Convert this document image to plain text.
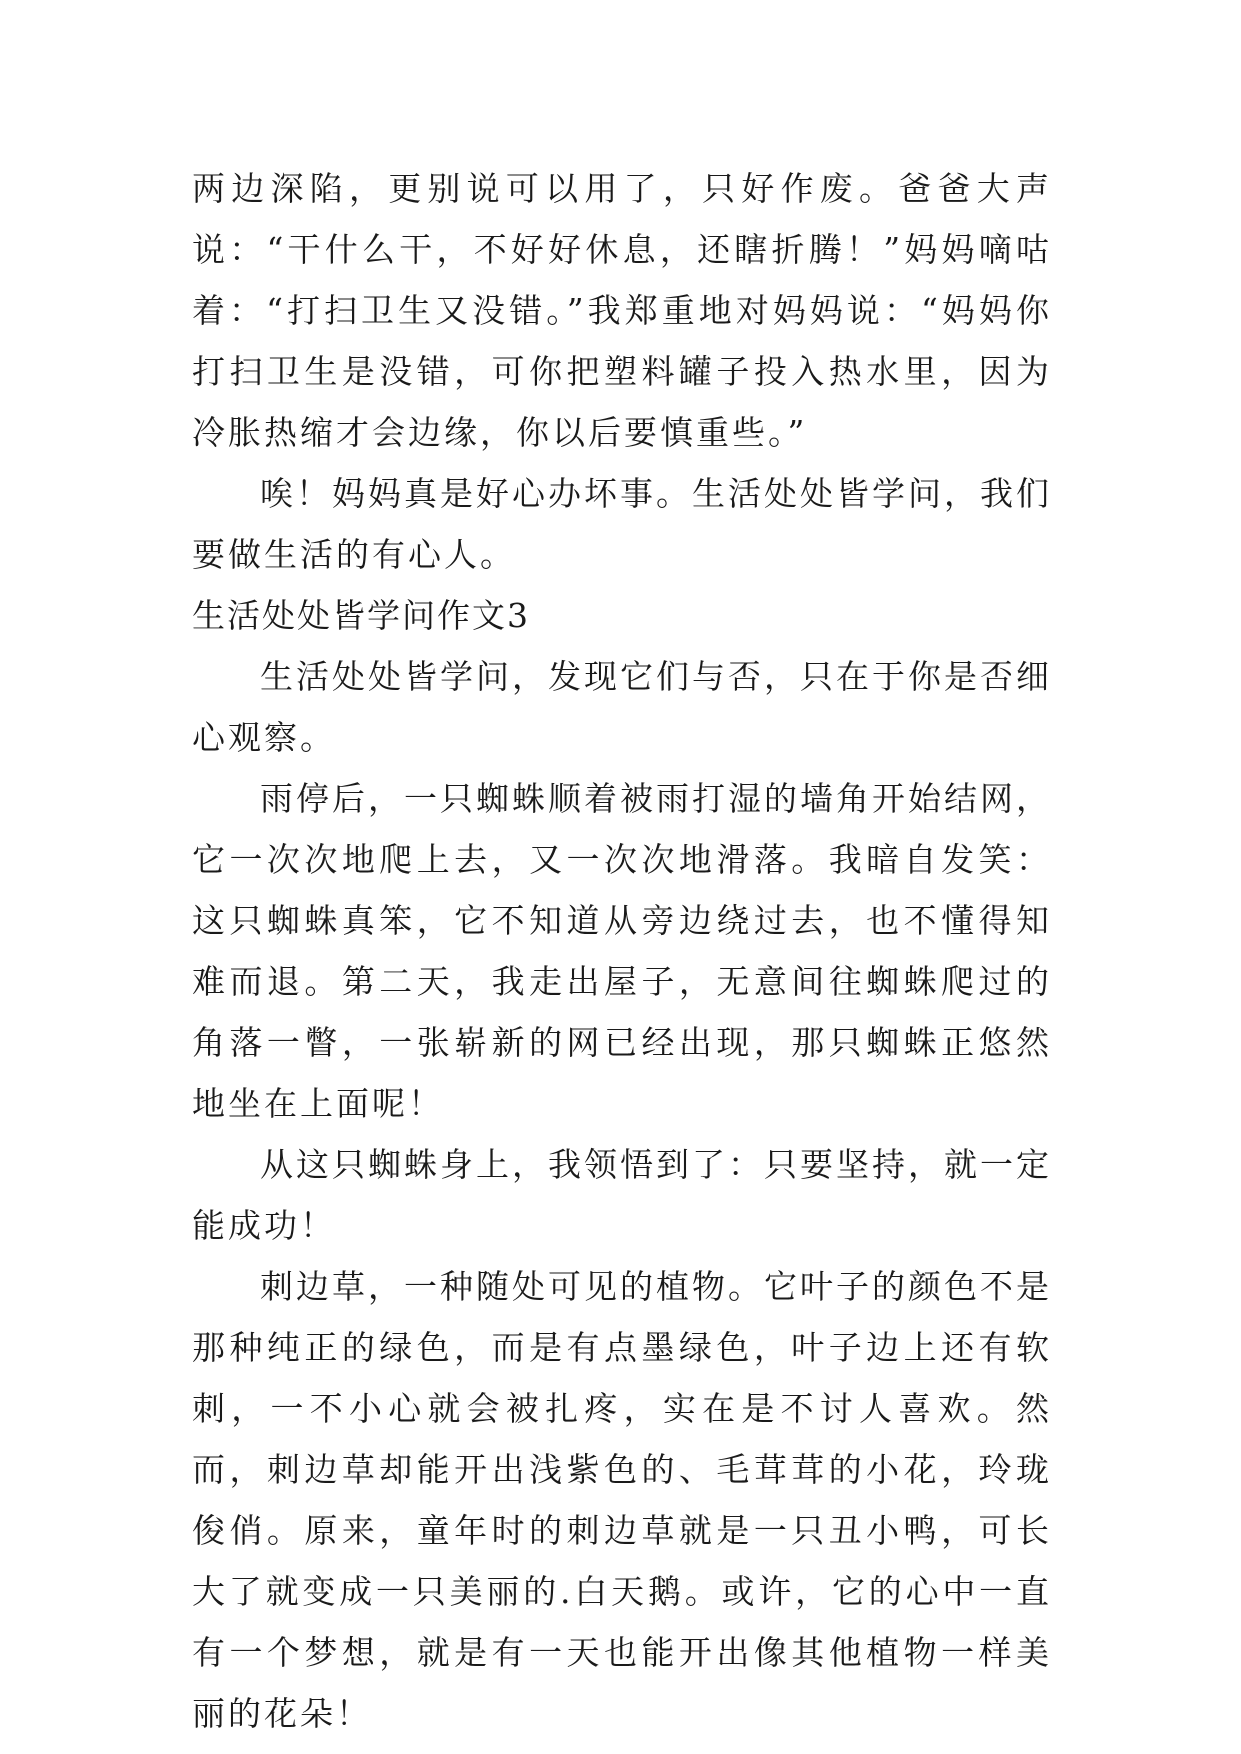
两边深陷，更别说可以用了，只好作废。爸爸大声说：“干什么干，不好好休息，还瞎折腾！”妈妈嘀咕着：“打扫卫生又没错。”我郑重地对妈妈说：“妈妈你打扫卫生是没错，可你把塑料罐子投入热水里，因为冷胀热缩才会边缘，你以后要慎重些。”

唉！妈妈真是好心办坏事。生活处处皆学问，我们要做生活的有心人。

生活处处皆学问作文3

生活处处皆学问，发现它们与否，只在于你是否细心观察。

雨停后，一只蜘蛛顺着被雨打湿的墙角开始结网，它一次次地爬上去，又一次次地滑落。我暗自发笑：这只蜘蛛真笨，它不知道从旁边绕过去，也不懂得知难而退。第二天，我走出屋子，无意间往蜘蛛爬过的角落一瞥，一张崭新的网已经出现，那只蜘蛛正悠然地坐在上面呢！

从这只蜘蛛身上，我领悟到了：只要坚持，就一定能成功！

刺边草，一种随处可见的植物。它叶子的颜色不是那种纯正的绿色，而是有点墨绿色，叶子边上还有软刺，一不小心就会被扎疼，实在是不讨人喜欢。然而，刺边草却能开出浅紫色的、毛茸茸的小花，玲珑俊俏。原来，童年时的刺边草就是一只丑小鸭，可长大了就变成一只美丽的.白天鹅。或许，它的心中一直有一个梦想，就是有一天也能开出像其他植物一样美丽的花朵！
